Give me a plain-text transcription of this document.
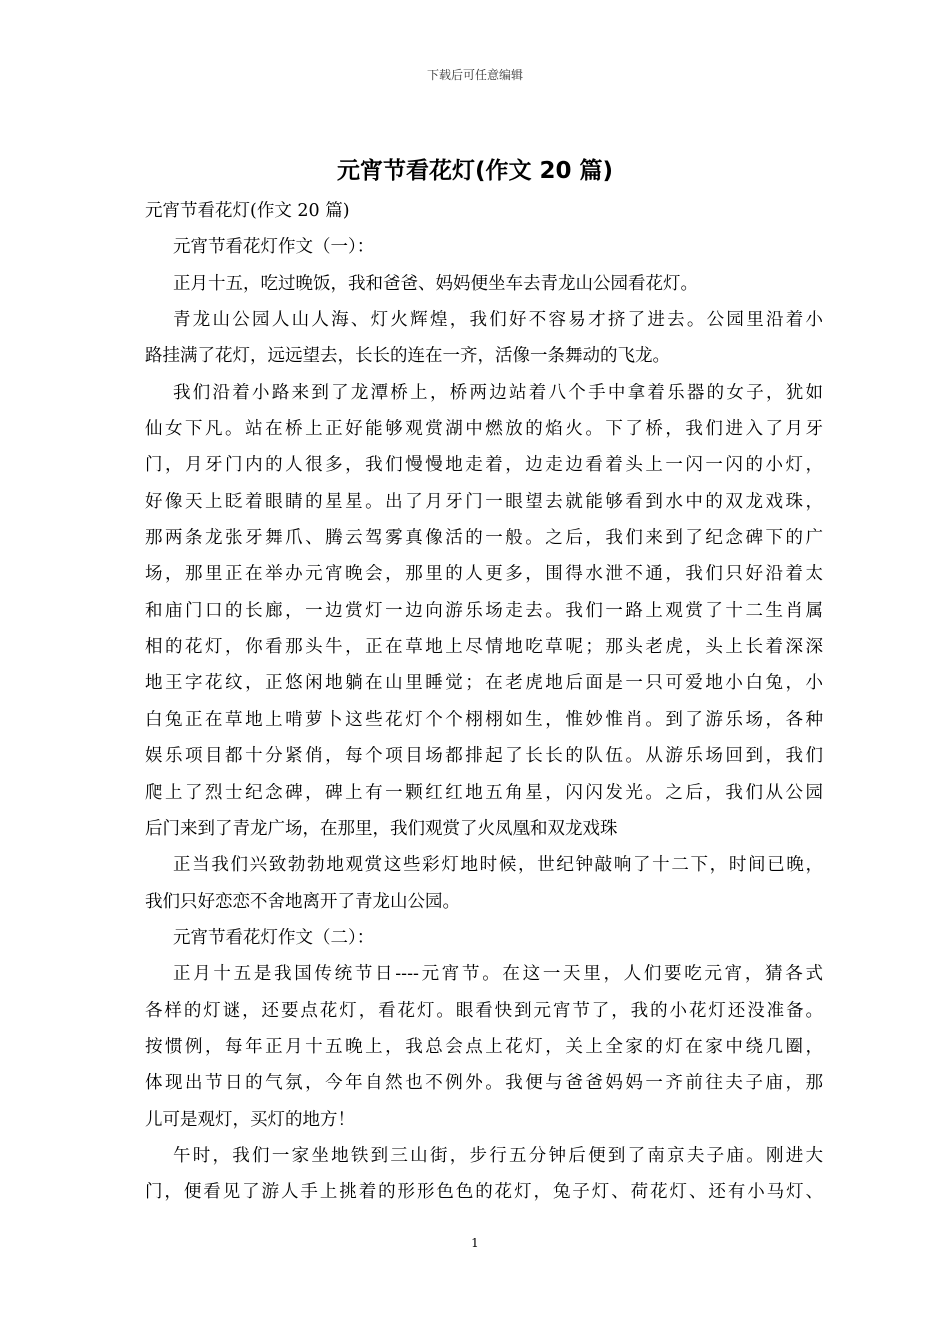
下载后可任意编辑
元宵节看花灯(作文 20 篇)
元宵节看花灯(作文 20 篇)
元宵节看花灯作文（一）：
正月十五，吃过晚饭，我和爸爸、妈妈便坐车去青龙山公园看花灯。
青龙山公园人山人海、灯火辉煌，我们好不容易才挤了进去。公园里沿着小
路挂满了花灯，远远望去，长长的连在一齐，活像一条舞动的飞龙。
我们沿着小路来到了龙潭桥上，桥两边站着八个手中拿着乐器的女子，犹如
仙女下凡。站在桥上正好能够观赏湖中燃放的焰火。下了桥，我们进入了月牙
门，月牙门内的人很多，我们慢慢地走着，边走边看着头上一闪一闪的小灯，
好像天上眨着眼睛的星星。出了月牙门一眼望去就能够看到水中的双龙戏珠，
那两条龙张牙舞爪、腾云驾雾真像活的一般。之后，我们来到了纪念碑下的广
场，那里正在举办元宵晚会，那里的人更多，围得水泄不通，我们只好沿着太
和庙门口的长廊，一边赏灯一边向游乐场走去。我们一路上观赏了十二生肖属
相的花灯，你看那头牛，正在草地上尽情地吃草呢；那头老虎，头上长着深深
地王字花纹，正悠闲地躺在山里睡觉；在老虎地后面是一只可爱地小白兔，小
白兔正在草地上啃萝卜这些花灯个个栩栩如生，惟妙惟肖。到了游乐场，各种
娱乐项目都十分紧俏，每个项目场都排起了长长的队伍。从游乐场回到，我们
爬上了烈士纪念碑，碑上有一颗红红地五角星，闪闪发光。之后，我们从公园
后门来到了青龙广场，在那里，我们观赏了火凤凰和双龙戏珠
正当我们兴致勃勃地观赏这些彩灯地时候，世纪钟敲响了十二下，时间已晚，
我们只好恋恋不舍地离开了青龙山公园。
元宵节看花灯作文（二）：
正月十五是我国传统节日----元宵节。在这一天里，人们要吃元宵，猜各式
各样的灯谜，还要点花灯，看花灯。眼看快到元宵节了，我的小花灯还没准备。
按惯例，每年正月十五晚上，我总会点上花灯，关上全家的灯在家中绕几圈，
体现出节日的气氛，今年自然也不例外。我便与爸爸妈妈一齐前往夫子庙，那
儿可是观灯，买灯的地方！
午时，我们一家坐地铁到三山街，步行五分钟后便到了南京夫子庙。刚进大
门，便看见了游人手上挑着的形形色色的花灯，兔子灯、荷花灯、还有小马灯、
1
